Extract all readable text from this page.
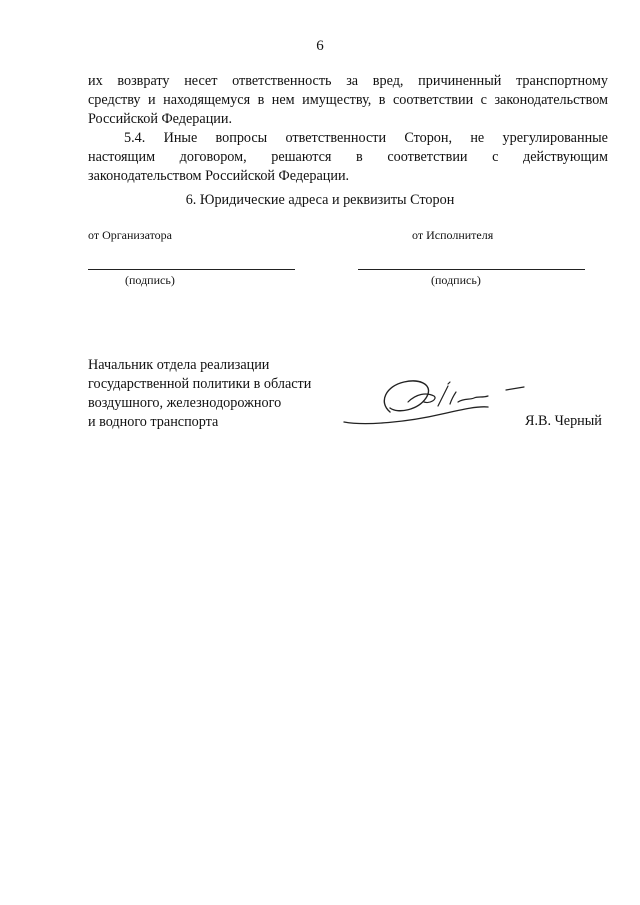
6
их возврату несет ответственность за вред, причиненный транспортному
средству и находящемуся в нем имуществу, в соответствии с законодательством
Российской Федерации.
5.4. Иные вопросы ответственности Сторон, не урегулированные
настоящим договором, решаются в соответствии с действующим
законодательством Российской Федерации.
6. Юридические адреса и реквизиты Сторон
от Организатора	от Исполнителя
(подпись)	(подпись)
Начальник отдела реализации
государственной политики в области
воздушного, железнодорожного
и водного транспорта	Я.В. Черный
